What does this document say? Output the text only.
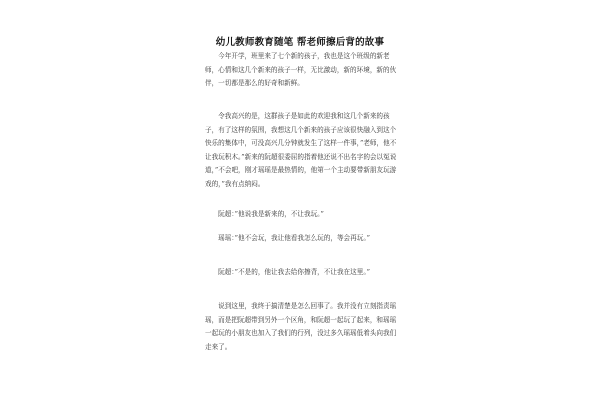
幼儿教师教育随笔 帮老师擦后背的故事
　　今年开学，班里来了七个新的孩子，我也是这个班级的新老
师，心情和这几个新来的孩子一样，无比激动，新的环境，新的伙
伴，一切都是那么的好奇和新鲜。
　　令我高兴的是，这群孩子是如此的欢迎我和这几个新来的孩
子，有了这样的氛围，我想这几个新来的孩子应该很快融入到这个
快乐的集体中，可没高兴几分钟就发生了这样一件事，”老师，他不
让我玩积木。”新来的阮超很委屈的指着他还说不出名字的会以冤说
道，”不会吧，刚才瑶瑶是最热情的，他第一个主动要带新朋友玩游
戏的，”我有点纳闷。
　　阮超：”他说我是新来的，不让我玩。”
　　瑶瑶：”他不会玩，我让他看我怎么玩的，等会再玩。”
　　阮超：”不是的，他让我去给你擦背，不让我在这里。”
　　说到这里，我终于搞清楚是怎么回事了。我并没有立刻指责瑶
瑶，而是把阮超带到另外一个区角，和阮超一起玩了起来，和瑶瑶
一起玩的小朋友也加入了我们的行列，没过多久瑶瑶低着头向我们
走来了。
